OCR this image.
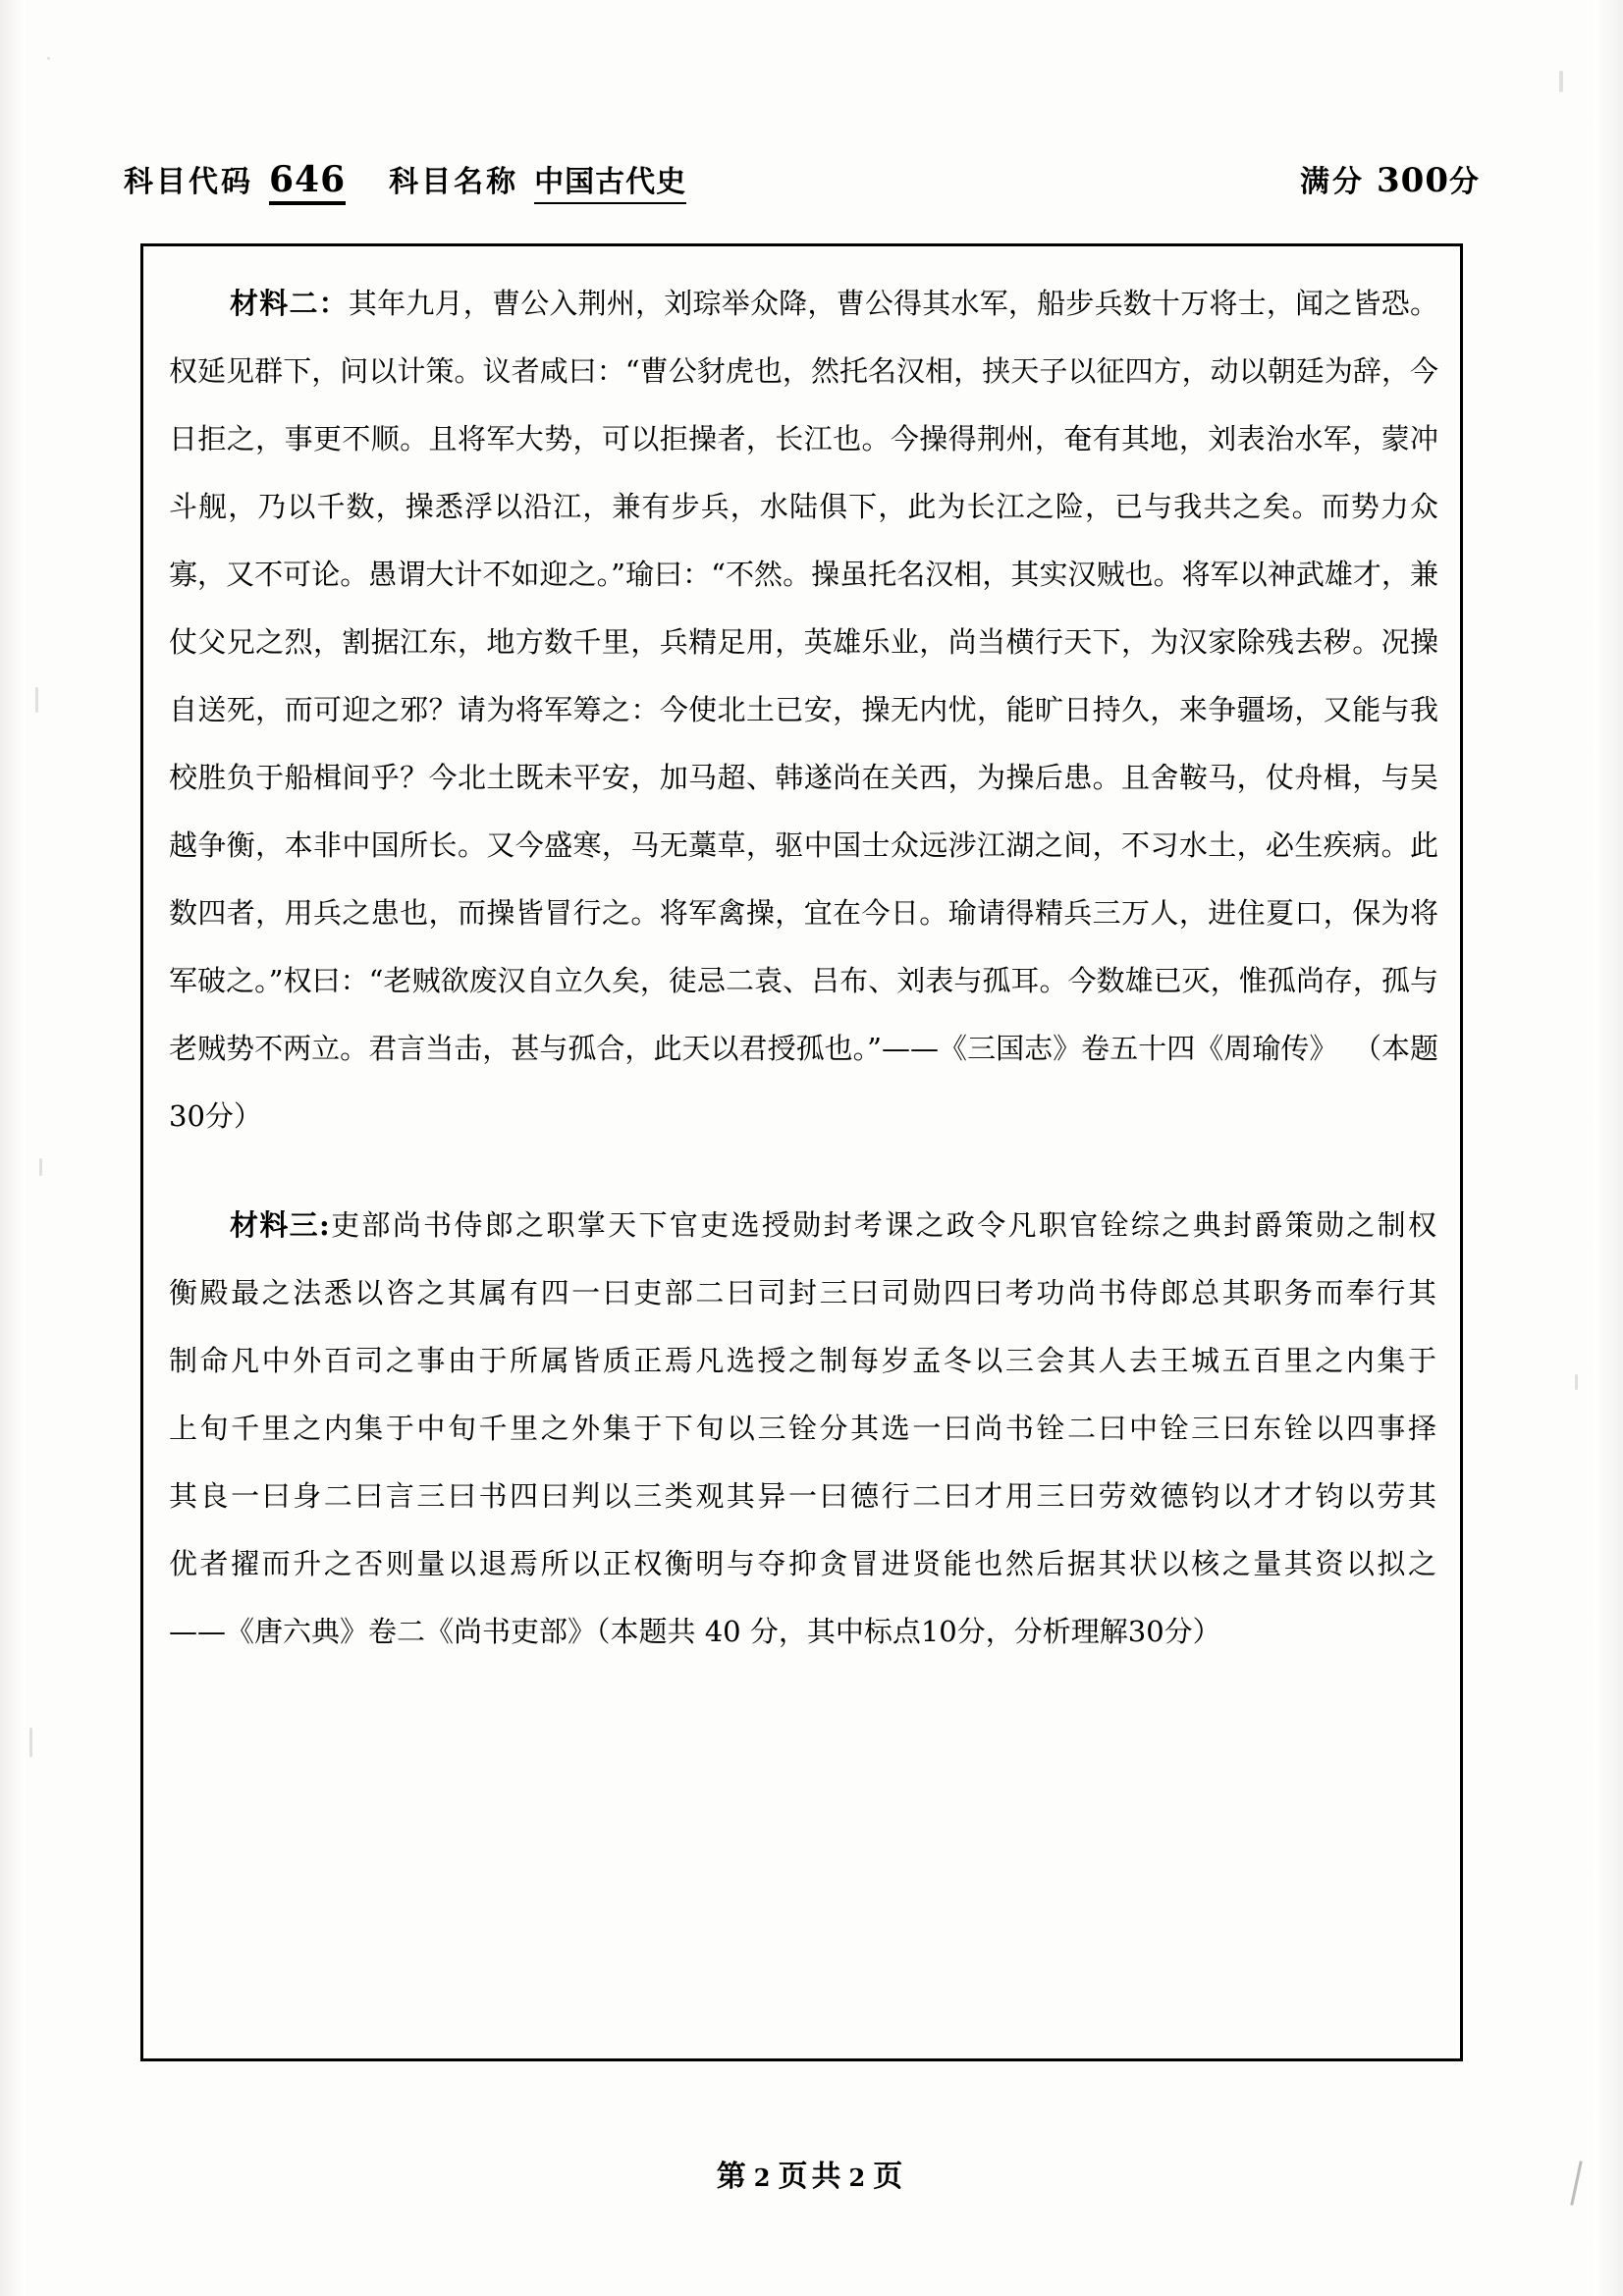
科目代码 646 科目名称 中国古代史	满分 300 分
材料二：其年九月，曹公入荆州，刘琮举众降，曹公得其水军，船步兵数十万将士，闻之皆恐。权延见群下，问以计策。议者咸曰：“曹公豺虎也，然托名汉相，挟天子以征四方，动以朝廷为辞，今日拒之，事更不顺。且将军大势，可以拒操者，长江也。今操得荆州，奄有其地，刘表治水军，蒙冲斗舰，乃以千数，操悉浮以沿江，兼有步兵，水陆俱下，此为长江之险，已与我共之矣。而势力众寡，又不可论。愚谓大计不如迎之。”瑜曰：“不然。操虽托名汉相，其实汉贼也。将军以神武雄才，兼仗父兄之烈，割据江东，地方数千里，兵精足用，英雄乐业，尚当横行天下，为汉家除残去秽。况操自送死，而可迎之邪？请为将军筹之：今使北土已安，操无内忧，能旷日持久，来争疆场，又能与我校胜负于船楫间乎？今北土既未平安，加马超、韩遂尚在关西，为操后患。且舍鞍马，仗舟楫，与吴越争衡，本非中国所长。又今盛寒，马无藁草，驱中国士众远涉江湖之间，不习水土，必生疾病。此数四者，用兵之患也，而操皆冒行之。将军禽操，宜在今日。瑜请得精兵三万人，进住夏口，保为将军破之。”权曰：“老贼欲废汉自立久矣，徒忌二袁、吕布、刘表与孤耳。今数雄已灭，惟孤尚存，孤与老贼势不两立。君言当击，甚与孤合，此天以君授孤也。”——《三国志》卷五十四《周瑜传》 （本题30分）
材料三:吏部尚书侍郎之职掌天下官吏选授勋封考课之政令凡职官铨综之典封爵策勋之制权衡殿最之法悉以咨之其属有四一曰吏部二曰司封三曰司勋四曰考功尚书侍郎总其职务而奉行其制命凡中外百司之事由于所属皆质正焉凡选授之制每岁孟冬以三会其人去王城五百里之内集于上旬千里之内集于中旬千里之外集于下旬以三铨分其选一曰尚书铨二曰中铨三曰东铨以四事择其良一曰身二曰言三曰书四曰判以三类观其异一曰德行二曰才用三曰劳效德钧以才才钧以劳其优者擢而升之否则量以退焉所以正权衡明与夺抑贪冒进贤能也然后据其状以核之量其资以拟之——《唐六典》卷二《尚书吏部》（本题共 40 分，其中标点10分，分析理解30分）
第 2 页共 2 页
